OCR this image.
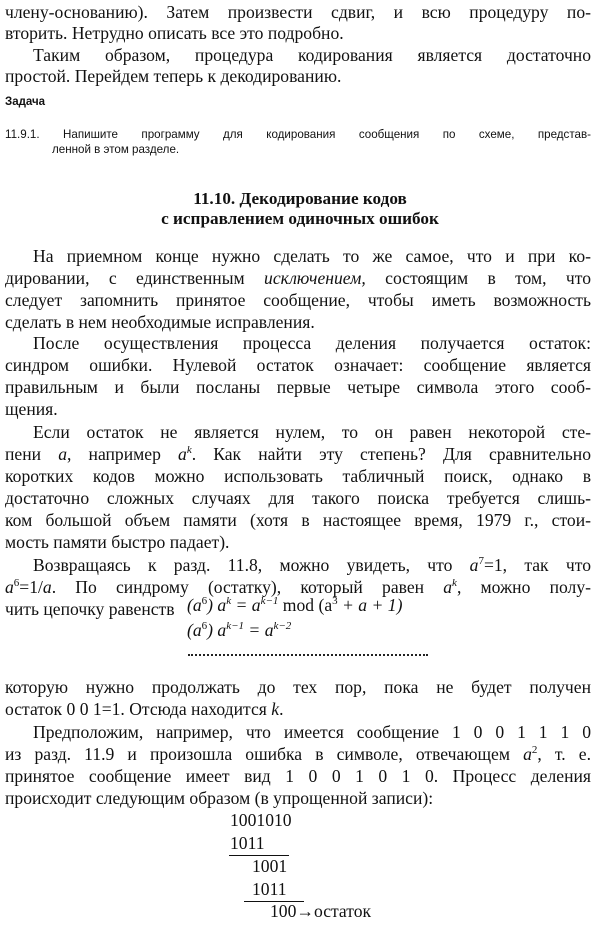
члену-основанию). Затем произвести сдвиг, и всю процедуру по-
вторить. Нетрудно описать все это подробно.
Таким образом, процедура кодирования является достаточно
простой. Перейдем теперь к декодированию.
Задача
11.9.1. Напишите программу для кодирования сообщения по схеме, представ-
ленной в этом разделе.
11.10. Декодирование кодов
с исправлением одиночных ошибок
На приемном конце нужно сделать то же самое, что и при ко-
дировании, с единственным исключением, состоящим в том, что
следует запомнить принятое сообщение, чтобы иметь возможность
сделать в нем необходимые исправления.
После осуществления процесса деления получается остаток:
синдром ошибки. Нулевой остаток означает: сообщение является
правильным и были посланы первые четыре символа этого сооб-
щения.
Если остаток не является нулем, то он равен некоторой сте-
пени a, например $a^k$. Как найти эту степень? Для сравнительно
коротких кодов можно использовать табличный поиск, однако в
достаточно сложных случаях для такого поиска требуется слишь-
ком большой объем памяти (хотя в настоящее время, 1979 г., стои-
мость памяти быстро падает).
Возвращаясь к разд. 11.8, можно увидеть, что $a^7=1$, так что
$a^6=1/a$. По синдрому (остатку), который равен $a^k$, можно полу-
чить цепочку равенств $(a^6) a^k = a^{k-1}$ mod $(a^3 + a + 1)$
$(a^6) a^{k-1} = a^{k-2}$
которую нужно продолжать до тех пор, пока не будет получен
остаток 0 0 1=1. Отсюда находится k.
Предположим, например, что имеется сообщение 1 0 0 1 1 1 0
из разд. 11.9 и произошла ошибка в символе, отвечающем $a^2$, т. е.
принятое сообщение имеет вид 1 0 0 1 0 1 0. Процесс деления
происходит следующим образом (в упрощенной записи):
1001010
1011
1001
1011
100→остаток
